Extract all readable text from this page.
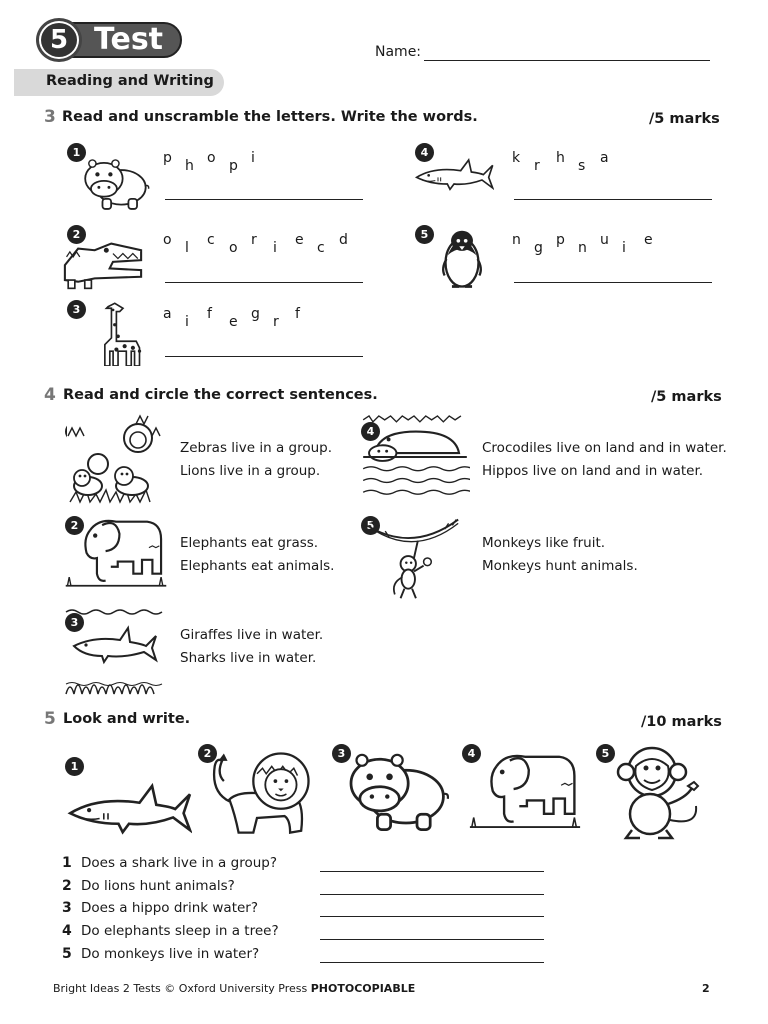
5 Test	Name:
Reading and Writing
3 Read and unscramble the letters. Write the words.	/5 marks
1	p h o p i
2	o l c o r i e c d
3	a i f e g r f
4	k r h s a
5	n g p n u i e
4 Read and circle the correct sentences.	/5 marks
Zebras live in a group.
Lions live in a group.
2
Elephants eat grass.
Elephants eat animals.
3
Giraffes live in water.
Sharks live in water.
4
Crocodiles live on land and in water.
Hippos live on land and in water.
5
Monkeys like fruit.
Monkeys hunt animals.
5 Look and write.	/10 marks
1
2	3	4	5
1 Does a shark live in a group?
2 Do lions hunt animals?
3 Does a hippo drink water?
4 Do elephants sleep in a tree?
5 Do monkeys live in water?
Bright Ideas 2 Tests © Oxford University Press PHOTOCOPIABLE	2
